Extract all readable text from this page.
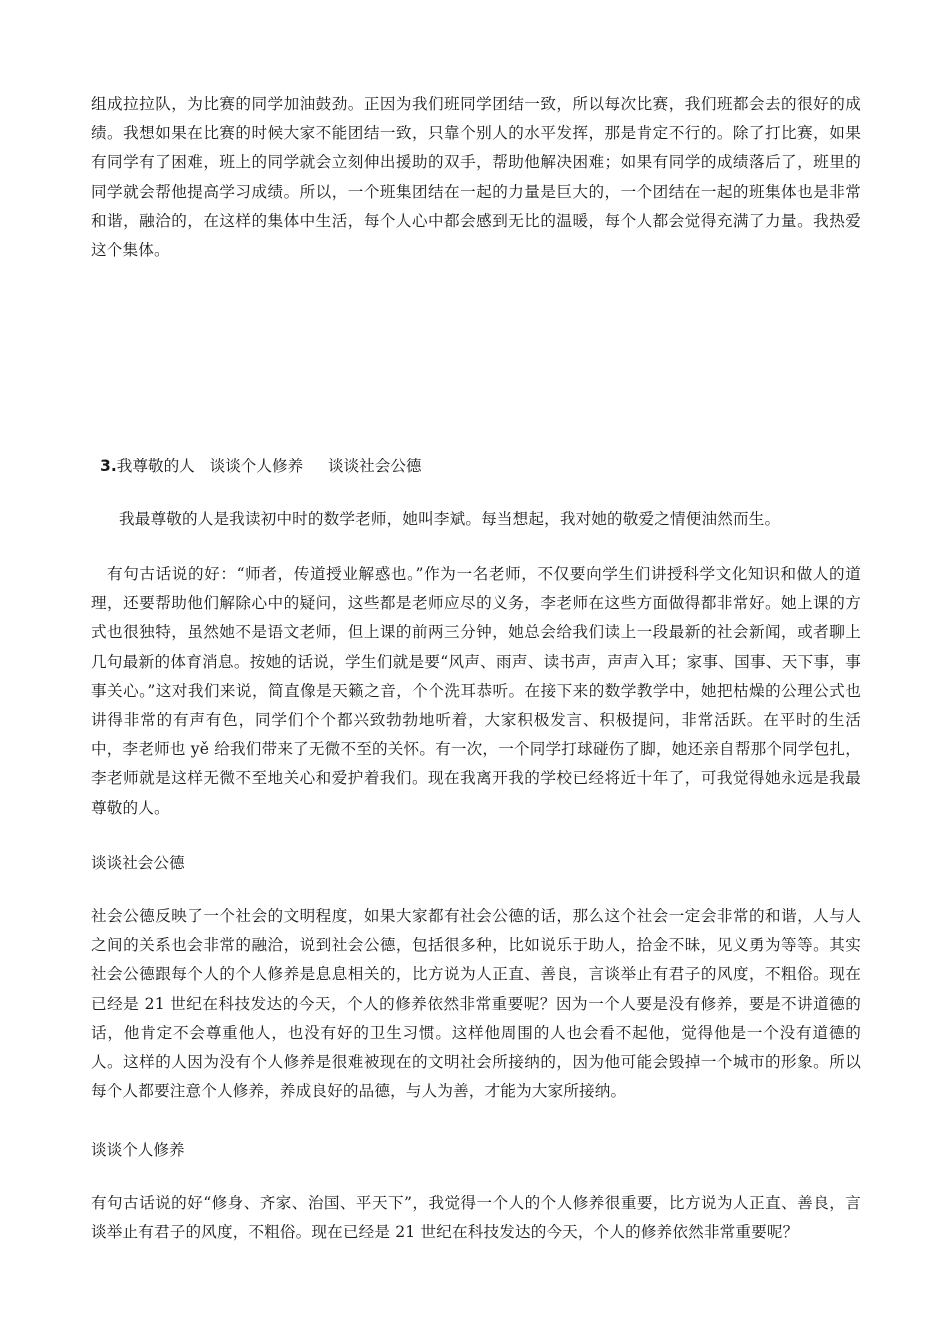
组成拉拉队，为比赛的同学加油鼓劲。正因为我们班同学团结一致，所以每次比赛，我们班都会去的很好的成绩。我想如果在比赛的时候大家不能团结一致，只靠个别人的水平发挥，那是肯定不行的。除了打比赛，如果有同学有了困难，班上的同学就会立刻伸出援助的双手，帮助他解决困难；如果有同学的成绩落后了，班里的同学就会帮他提高学习成绩。所以，一个班集团结在一起的力量是巨大的，一个团结在一起的班集体也是非常和谐，融洽的，在这样的集体中生活，每个人心中都会感到无比的温暖，每个人都会觉得充满了力量。我热爱这个集体。

3.我尊敬的人   谈谈个人修养     谈谈社会公德

我最尊敬的人是我读初中时的数学老师，她叫李斌。每当想起，我对她的敬爱之情便油然而生。

有句古话说的好：“师者，传道授业解惑也。”作为一名老师，不仅要向学生们讲授科学文化知识和做人的道理，还要帮助他们解除心中的疑问，这些都是老师应尽的义务，李老师在这些方面做得都非常好。她上课的方式也很独特，虽然她不是语文老师，但上课的前两三分钟，她总会给我们读上一段最新的社会新闻，或者聊上几句最新的体育消息。按她的话说，学生们就是要“风声、雨声、读书声，声声入耳；家事、国事、天下事，事事关心。”这对我们来说，简直像是天籁之音，个个洗耳恭听。在接下来的数学教学中，她把枯燥的公理公式也讲得非常的有声有色，同学们个个都兴致勃勃地听着，大家积极发言、积极提问，非常活跃。在平时的生活中，李老师也 yě 给我们带来了无微不至的关怀。有一次，一个同学打球碰伤了脚，她还亲自帮那个同学包扎，李老师就是这样无微不至地关心和爱护着我们。现在我离开我的学校已经将近十年了，可我觉得她永远是我最尊敬的人。

谈谈社会公德

社会公德反映了一个社会的文明程度，如果大家都有社会公德的话，那么这个社会一定会非常的和谐，人与人之间的关系也会非常的融洽，说到社会公德，包括很多种，比如说乐于助人，拾金不昧，见义勇为等等。其实社会公德跟每个人的个人修养是息息相关的，比方说为人正直、善良，言谈举止有君子的风度，不粗俗。现在已经是 21 世纪在科技发达的今天，个人的修养依然非常重要呢？因为一个人要是没有修养，要是不讲道德的话，他肯定不会尊重他人，也没有好的卫生习惯。这样他周围的人也会看不起他，觉得他是一个没有道德的人。这样的人因为没有个人修养是很难被现在的文明社会所接纳的，因为他可能会毁掉一个城市的形象。所以每个人都要注意个人修养，养成良好的品德，与人为善，才能为大家所接纳。

谈谈个人修养

有句古话说的好“修身、齐家、治国、平天下”，我觉得一个人的个人修养很重要，比方说为人正直、善良，言谈举止有君子的风度，不粗俗。现在已经是 21 世纪在科技发达的今天，个人的修养依然非常重要呢？
